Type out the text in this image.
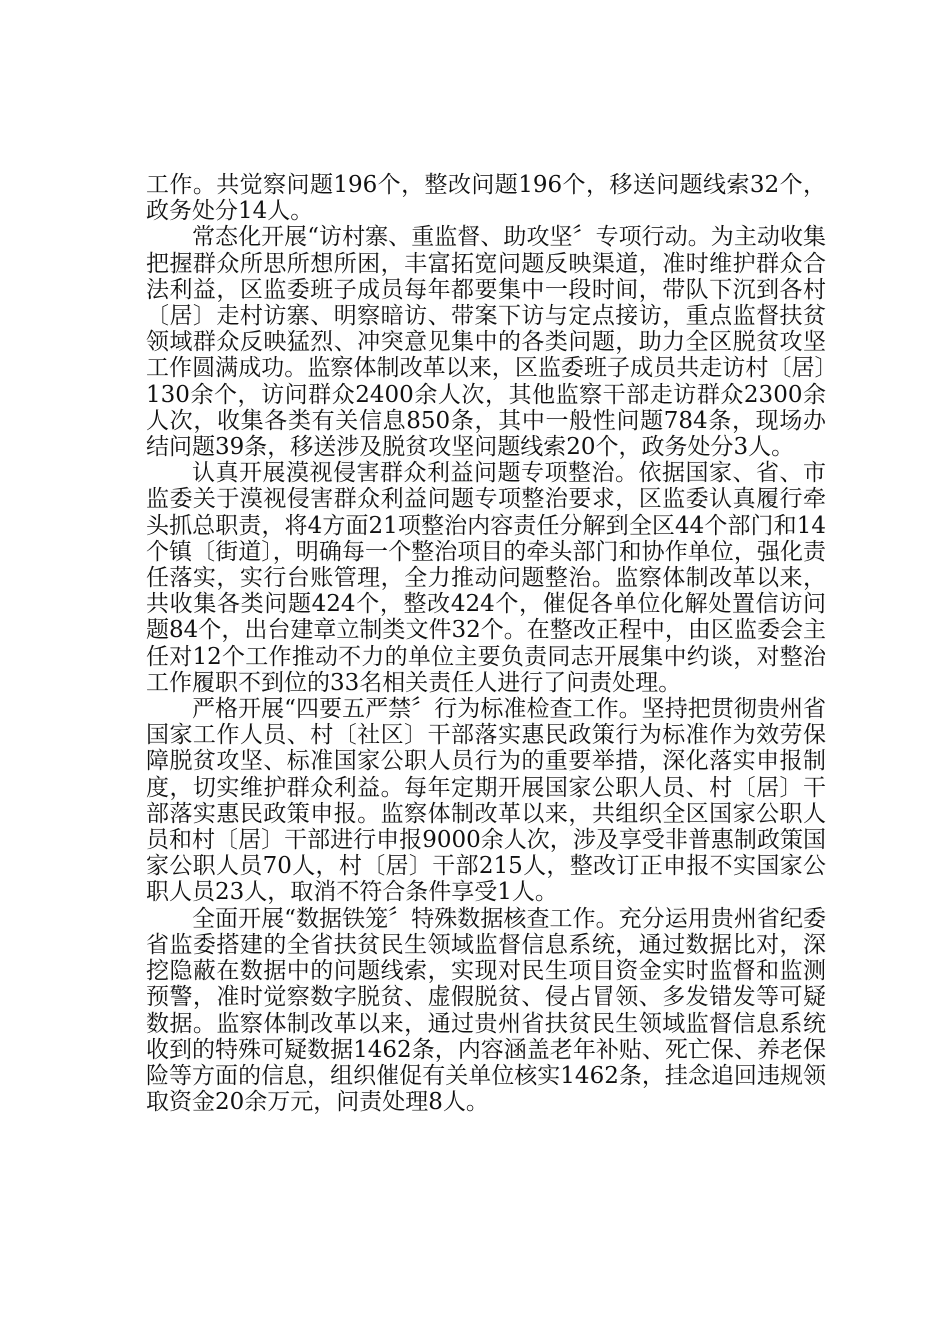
工作。共觉察问题196个，整改问题196个，移送问题线索32个，政务处分14人。

常态化开展“访村寨、重监督、助攻坚〞专项行动。为主动收集把握群众所思所想所困，丰富拓宽问题反映渠道，准时维护群众合法利益，区监委班子成员每年都要集中一段时间，带队下沉到各村〔居〕走村访寨、明察暗访、带案下访与定点接访，重点监督扶贫领域群众反映猛烈、冲突意见集中的各类问题，助力全区脱贫攻坚工作圆满成功。监察体制改革以来，区监委班子成员共走访村〔居〕130余个，访问群众2400余人次，其他监察干部走访群众2300余人次，收集各类有关信息850条，其中一般性问题784条，现场办结问题39条，移送涉及脱贫攻坚问题线索20个，政务处分3人。

认真开展漠视侵害群众利益问题专项整治。依据国家、省、市监委关于漠视侵害群众利益问题专项整治要求，区监委认真履行牵头抓总职责，将4方面21项整治内容责任分解到全区44个部门和14个镇〔街道〕，明确每一个整治项目的牵头部门和协作单位，强化责任落实，实行台账管理，全力推动问题整治。监察体制改革以来，共收集各类问题424个，整改424个，催促各单位化解处置信访问题84个，出台建章立制类文件32个。在整改正程中，由区监委会主任对12个工作推动不力的单位主要负责同志开展集中约谈，对整治工作履职不到位的33名相关责任人进行了问责处理。

严格开展“四要五严禁〞行为标准检查工作。坚持把贯彻贵州省国家工作人员、村〔社区〕干部落实惠民政策行为标准作为效劳保障脱贫攻坚、标准国家公职人员行为的重要举措，深化落实申报制度，切实维护群众利益。每年定期开展国家公职人员、村〔居〕干部落实惠民政策申报。监察体制改革以来，共组织全区国家公职人员和村〔居〕干部进行申报9000余人次，涉及享受非普惠制政策国家公职人员70人，村〔居〕干部215人，整改订正申报不实国家公职人员23人，取消不符合条件享受1人。

全面开展“数据铁笼〞特殊数据核查工作。充分运用贵州省纪委省监委搭建的全省扶贫民生领域监督信息系统，通过数据比对，深挖隐蔽在数据中的问题线索，实现对民生项目资金实时监督和监测预警，准时觉察数字脱贫、虚假脱贫、侵占冒领、多发错发等可疑数据。监察体制改革以来，通过贵州省扶贫民生领域监督信息系统收到的特殊可疑数据1462条，内容涵盖老年补贴、死亡保、养老保险等方面的信息，组织催促有关单位核实1462条，挂念追回违规领取资金20余万元，问责处理8人。
